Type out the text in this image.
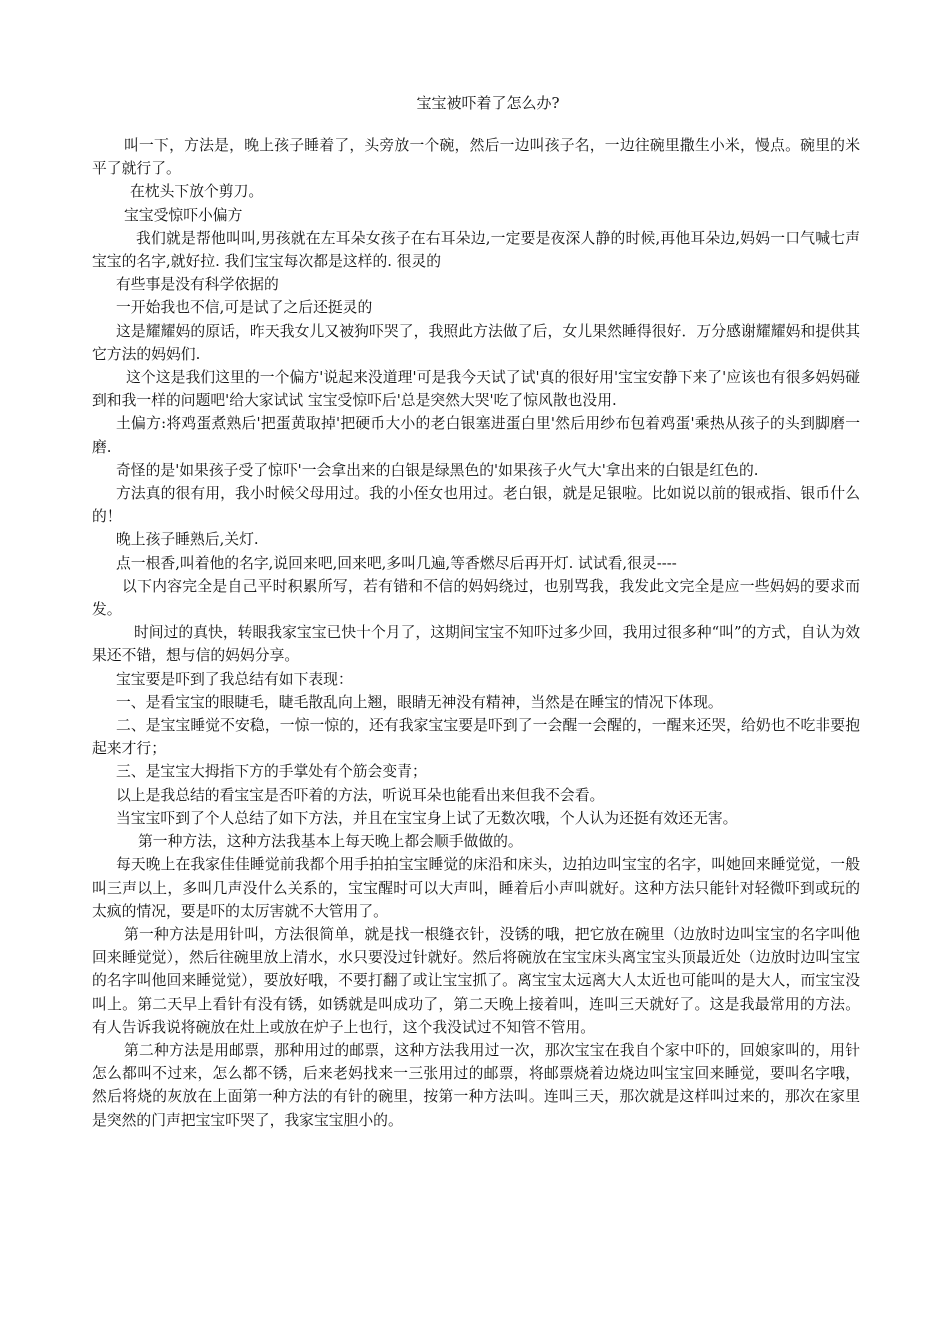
宝宝被吓着了怎么办?

叫一下，方法是，晚上孩子睡着了，头旁放一个碗，然后一边叫孩子名，一边往碗里撒生小米，慢点。碗里的米平了就行了。

在枕头下放个剪刀。

宝宝受惊吓小偏方

我们就是帮他叫叫,男孩就在左耳朵女孩子在右耳朵边,一定要是夜深人静的时候,再他耳朵边,妈妈一口气喊七声宝宝的名字,就好拉. 我们宝宝每次都是这样的. 很灵的

有些事是没有科学依据的

一开始我也不信,可是试了之后还挺灵的

这是耀耀妈的原话，昨天我女儿又被狗吓哭了，我照此方法做了后，女儿果然睡得很好．万分感谢耀耀妈和提供其它方法的妈妈们.

这个这是我们这里的一个偏方'说起来没道理'可是我今天试了试'真的很好用'宝宝安静下来了'应该也有很多妈妈碰到和我一样的问题吧'给大家试试 宝宝受惊吓后'总是突然大哭'吃了惊风散也没用.

土偏方:将鸡蛋煮熟后'把蛋黄取掉'把硬币大小的老白银塞进蛋白里'然后用纱布包着鸡蛋'乘热从孩子的头到脚磨一磨.

奇怪的是'如果孩子受了惊吓'一会拿出来的白银是绿黑色的'如果孩子火气大'拿出来的白银是红色的.

方法真的很有用，我小时候父母用过。我的小侄女也用过。老白银，就是足银啦。比如说以前的银戒指、银币什么的！

晚上孩子睡熟后,关灯.

点一根香,叫着他的名字,说回来吧,回来吧,多叫几遍,等香燃尽后再开灯. 试试看,很灵----

以下内容完全是自己平时积累所写，若有错和不信的妈妈绕过，也别骂我，我发此文完全是应一些妈妈的要求而发。

时间过的真快，转眼我家宝宝已快十个月了，这期间宝宝不知吓过多少回，我用过很多种“叫”的方式，自认为效果还不错，想与信的妈妈分享。

宝宝要是吓到了我总结有如下表现：

一、是看宝宝的眼睫毛，睫毛散乱向上翘，眼睛无神没有精神，当然是在睡宝的情况下体现。

二、是宝宝睡觉不安稳，一惊一惊的，还有我家宝宝要是吓到了一会醒一会醒的，一醒来还哭，给奶也不吃非要抱起来才行；

三、是宝宝大拇指下方的手掌处有个筋会变青；

以上是我总结的看宝宝是否吓着的方法，听说耳朵也能看出来但我不会看。

当宝宝吓到了个人总结了如下方法，并且在宝宝身上试了无数次哦，个人认为还挺有效还无害。

第一种方法，这种方法我基本上每天晚上都会顺手做做的。

每天晚上在我家佳佳睡觉前我都个用手拍拍宝宝睡觉的床沿和床头，边拍边叫宝宝的名字，叫她回来睡觉觉，一般叫三声以上，多叫几声没什么关系的，宝宝醒时可以大声叫，睡着后小声叫就好。这种方法只能针对轻微吓到或玩的太疯的情况，要是吓的太厉害就不大管用了。

第一种方法是用针叫，方法很简单，就是找一根缝衣针，没锈的哦，把它放在碗里（边放时边叫宝宝的名字叫他回来睡觉觉），然后往碗里放上清水，水只要没过针就好。然后将碗放在宝宝床头离宝宝头顶最近处（边放时边叫宝宝的名字叫他回来睡觉觉），要放好哦，不要打翻了或让宝宝抓了。离宝宝太远离大人太近也可能叫的是大人，而宝宝没叫上。第二天早上看针有没有锈，如锈就是叫成功了，第二天晚上接着叫，连叫三天就好了。这是我最常用的方法。有人告诉我说将碗放在灶上或放在炉子上也行，这个我没试过不知管不管用。

第二种方法是用邮票，那种用过的邮票，这种方法我用过一次，那次宝宝在我自个家中吓的，回娘家叫的，用针怎么都叫不过来，怎么都不锈，后来老妈找来一三张用过的邮票，将邮票烧着边烧边叫宝宝回来睡觉，要叫名字哦，然后将烧的灰放在上面第一种方法的有针的碗里，按第一种方法叫。连叫三天，那次就是这样叫过来的，那次在家里是突然的门声把宝宝吓哭了，我家宝宝胆小的。
